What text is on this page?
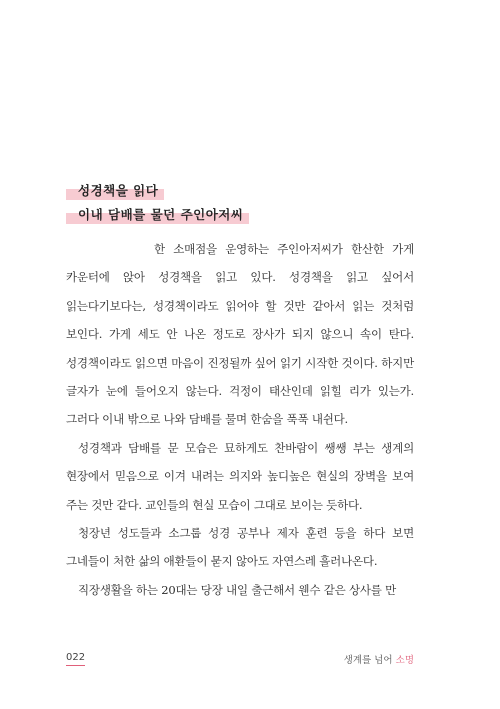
성경책을 읽다
이내 담배를 물던 주인아저씨

한 소매점을 운영하는 주인아저씨가 한산한 가게 카운터에 앉아 성경책을 읽고 있다. 성경책을 읽고 싶어서 읽는다기보다는, 성경책이라도 읽어야 할 것만 같아서 읽는 것처럼 보인다. 가게 세도 안 나온 정도로 장사가 되지 않으니 속이 탄다. 성경책이라도 읽으면 마음이 진정될까 싶어 읽기 시작한 것이다. 하지만 글자가 눈에 들어오지 않는다. 걱정이 태산인데 읽힐 리가 있는가. 그러다 이내 밖으로 나와 담배를 물며 한숨을 푹푹 내쉰다.

성경책과 담배를 문 모습은 묘하게도 찬바람이 쌩쌩 부는 생계의 현장에서 믿음으로 이겨 내려는 의지와 높디높은 현실의 장벽을 보여 주는 것만 같다. 교인들의 현실 모습이 그대로 보이는 듯하다.

청장년 성도들과 소그룹 성경 공부나 제자 훈련 등을 하다 보면 그네들이 처한 삶의 애환들이 묻지 않아도 자연스레 흘러나온다.

직장생활을 하는 20대는 당장 내일 출근해서 웬수 같은 상사를 만

022	생계를 넘어 소명
